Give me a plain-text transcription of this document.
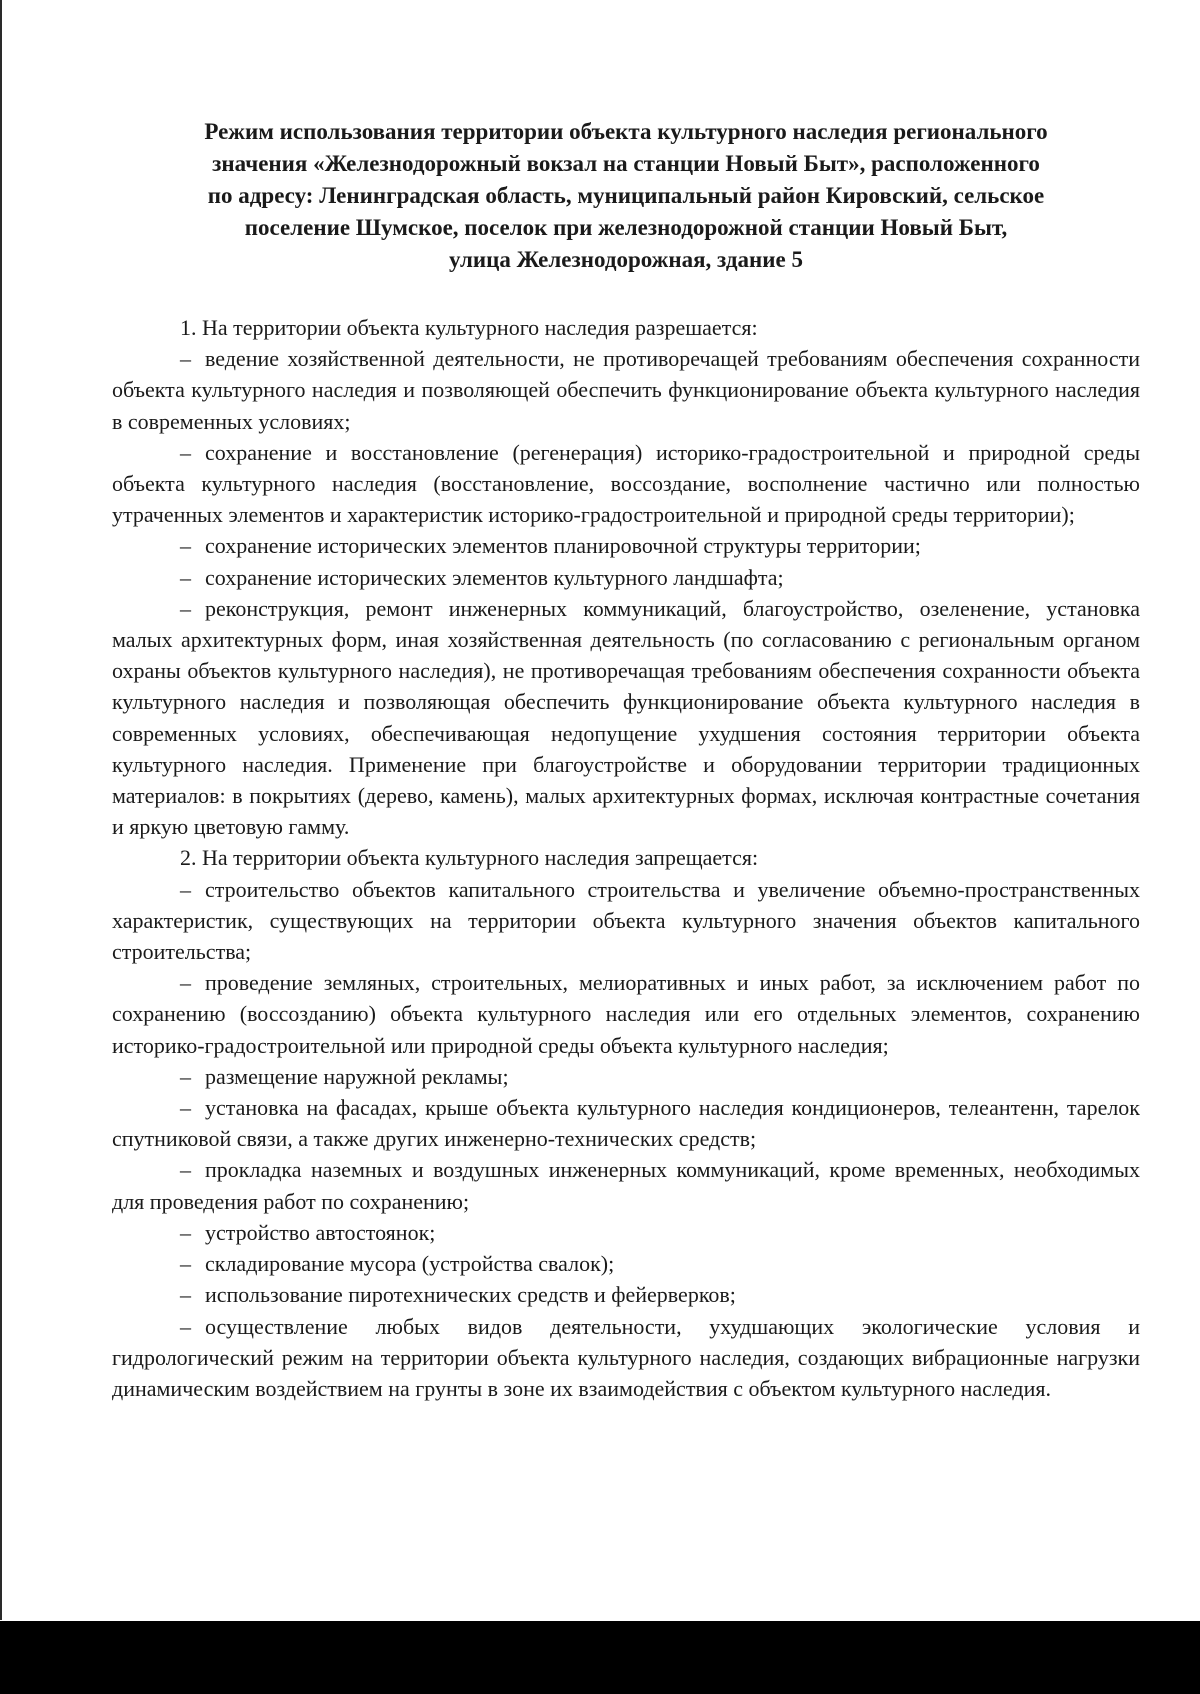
Режим использования территории объекта культурного наследия регионального
значения «Железнодорожный вокзал на станции Новый Быт», расположенного
по адресу: Ленинградская область, муниципальный район Кировский, сельское
поселение Шумское, поселок при железнодорожной станции Новый Быт,
улица Железнодорожная, здание 5

1. На территории объекта культурного наследия разрешается:

– ведение хозяйственной деятельности, не противоречащей требованиям обеспечения сохранности объекта культурного наследия и позволяющей обеспечить функционирование объекта культурного наследия в современных условиях;

– сохранение и восстановление (регенерация) историко-градостроительной и природной среды объекта культурного наследия (восстановление, воссоздание, восполнение частично или полностью утраченных элементов и характеристик историко-градостроительной и природной среды территории);

– сохранение исторических элементов планировочной структуры территории;

– сохранение исторических элементов культурного ландшафта;

– реконструкция, ремонт инженерных коммуникаций, благоустройство, озеленение, установка малых архитектурных форм, иная хозяйственная деятельность (по согласованию с региональным органом охраны объектов культурного наследия), не противоречащая требованиям обеспечения сохранности объекта культурного наследия и позволяющая обеспечить функционирование объекта культурного наследия в современных условиях, обеспечивающая недопущение ухудшения состояния территории объекта культурного наследия. Применение при благоустройстве и оборудовании территории традиционных материалов: в покрытиях (дерево, камень), малых архитектурных формах, исключая контрастные сочетания и яркую цветовую гамму.

2. На территории объекта культурного наследия запрещается:

– строительство объектов капитального строительства и увеличение объемно-пространственных характеристик, существующих на территории объекта культурного значения объектов капитального строительства;

– проведение земляных, строительных, мелиоративных и иных работ, за исключением работ по сохранению (воссозданию) объекта культурного наследия или его отдельных элементов, сохранению историко-градостроительной или природной среды объекта культурного наследия;

– размещение наружной рекламы;

– установка на фасадах, крыше объекта культурного наследия кондиционеров, телеантенн, тарелок спутниковой связи, а также других инженерно-технических средств;

– прокладка наземных и воздушных инженерных коммуникаций, кроме временных, необходимых для проведения работ по сохранению;

– устройство автостоянок;

– складирование мусора (устройства свалок);

– использование пиротехнических средств и фейерверков;

– осуществление любых видов деятельности, ухудшающих экологические условия и гидрологический режим на территории объекта культурного наследия, создающих вибрационные нагрузки динамическим воздействием на грунты в зоне их взаимодействия с объектом культурного наследия.
